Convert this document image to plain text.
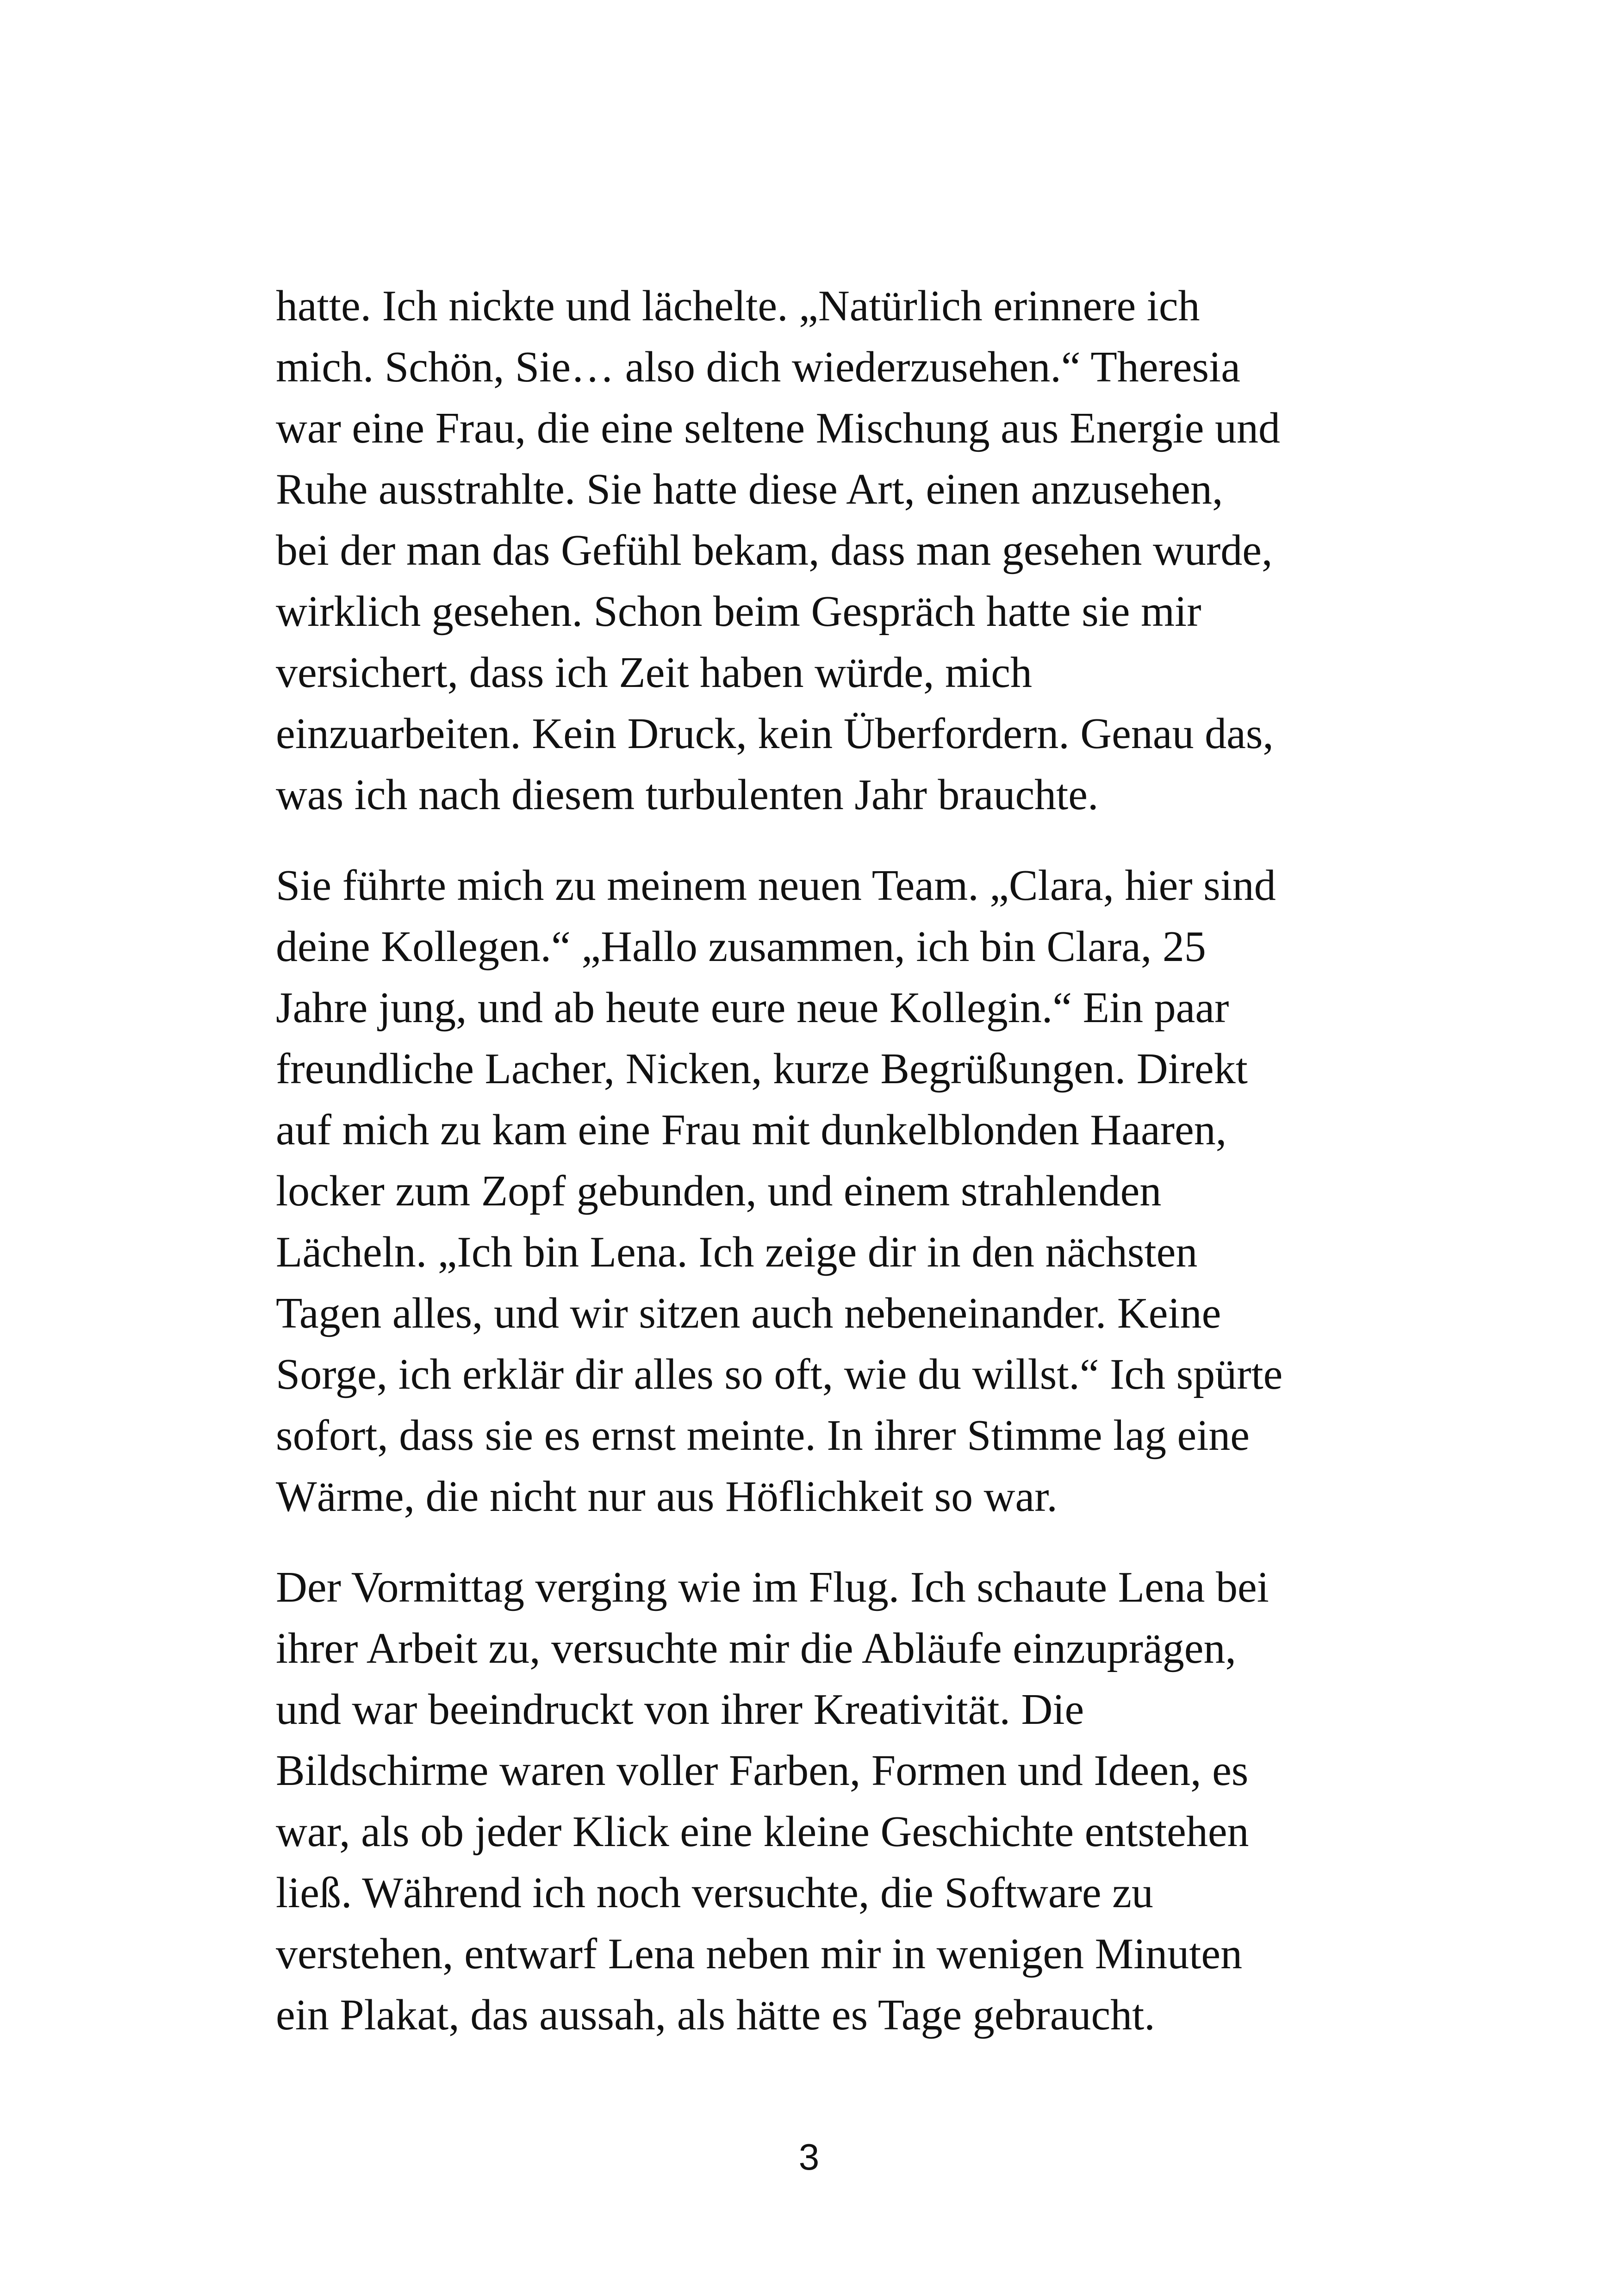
hatte. Ich nickte und lächelte. „Natürlich erinnere ich
mich. Schön, Sie… also dich wiederzusehen.“ Theresia
war eine Frau, die eine seltene Mischung aus Energie und
Ruhe ausstrahlte. Sie hatte diese Art, einen anzusehen,
bei der man das Gefühl bekam, dass man gesehen wurde,
wirklich gesehen. Schon beim Gespräch hatte sie mir
versichert, dass ich Zeit haben würde, mich
einzuarbeiten. Kein Druck, kein Überfordern. Genau das,
was ich nach diesem turbulenten Jahr brauchte.

Sie führte mich zu meinem neuen Team. „Clara, hier sind
deine Kollegen.“ „Hallo zusammen, ich bin Clara, 25
Jahre jung, und ab heute eure neue Kollegin.“ Ein paar
freundliche Lacher, Nicken, kurze Begrüßungen. Direkt
auf mich zu kam eine Frau mit dunkelblonden Haaren,
locker zum Zopf gebunden, und einem strahlenden
Lächeln. „Ich bin Lena. Ich zeige dir in den nächsten
Tagen alles, und wir sitzen auch nebeneinander. Keine
Sorge, ich erklär dir alles so oft, wie du willst.“ Ich spürte
sofort, dass sie es ernst meinte. In ihrer Stimme lag eine
Wärme, die nicht nur aus Höflichkeit so war.

Der Vormittag verging wie im Flug. Ich schaute Lena bei
ihrer Arbeit zu, versuchte mir die Abläufe einzuprägen,
und war beeindruckt von ihrer Kreativität. Die
Bildschirme waren voller Farben, Formen und Ideen, es
war, als ob jeder Klick eine kleine Geschichte entstehen
ließ. Während ich noch versuchte, die Software zu
verstehen, entwarf Lena neben mir in wenigen Minuten
ein Plakat, das aussah, als hätte es Tage gebraucht.

3
